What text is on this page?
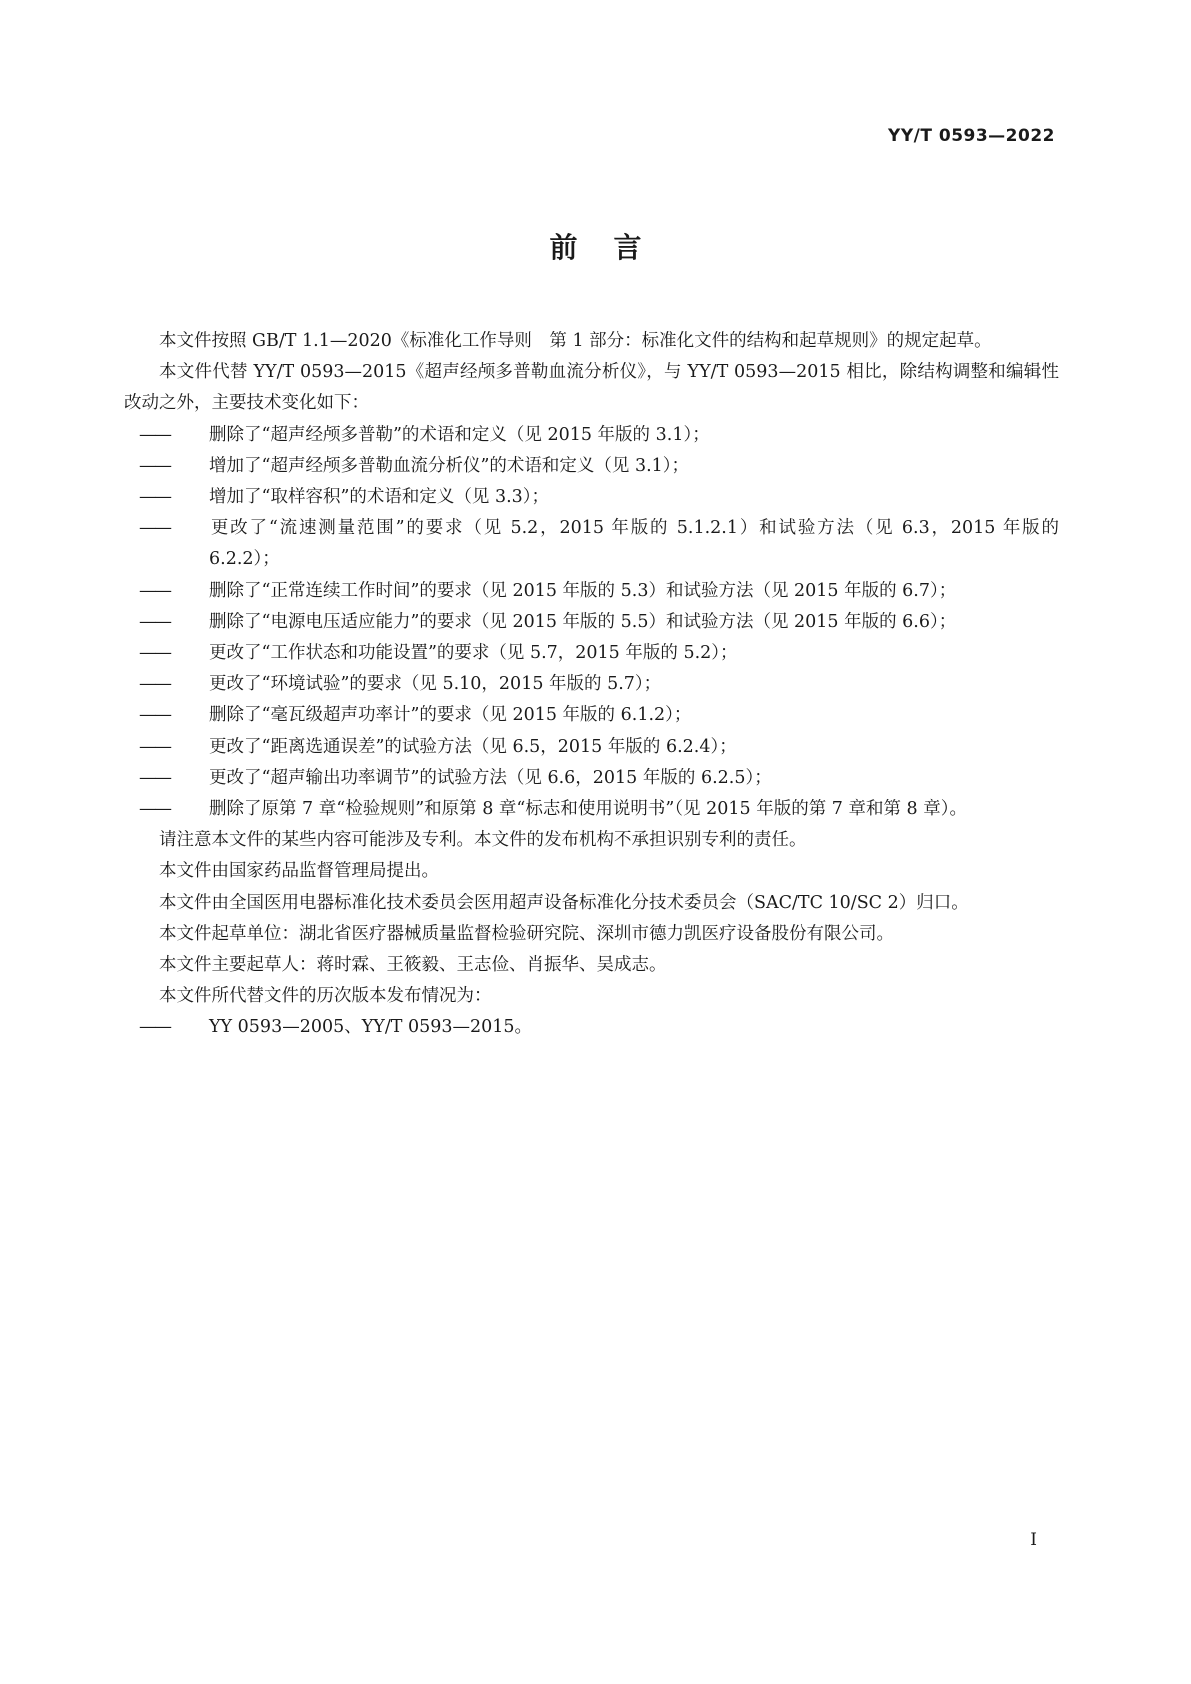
YY/T 0593—2022
前言

本文件按照 GB/T 1.1—2020《标准化工作导则　第 1 部分：标准化文件的结构和起草规则》的规定起草。

本文件代替 YY/T 0593—2015《超声经颅多普勒血流分析仪》，与 YY/T 0593—2015 相比，除结构调整和编辑性改动之外，主要技术变化如下：

—— 删除了“超声经颅多普勒”的术语和定义（见 2015 年版的 3.1）；

—— 增加了“超声经颅多普勒血流分析仪”的术语和定义（见 3.1）；

—— 增加了“取样容积”的术语和定义（见 3.3）；

—— 更改了“流速测量范围”的要求（见 5.2，2015 年版的 5.1.2.1）和试验方法（见 6.3，2015 年版的 6.2.2）；

—— 删除了“正常连续工作时间”的要求（见 2015 年版的 5.3）和试验方法（见 2015 年版的 6.7）；

—— 删除了“电源电压适应能力”的要求（见 2015 年版的 5.5）和试验方法（见 2015 年版的 6.6）；

—— 更改了“工作状态和功能设置”的要求（见 5.7，2015 年版的 5.2）；

—— 更改了“环境试验”的要求（见 5.10，2015 年版的 5.7）；

—— 删除了“毫瓦级超声功率计”的要求（见 2015 年版的 6.1.2）；

—— 更改了“距离选通误差”的试验方法（见 6.5，2015 年版的 6.2.4）；

—— 更改了“超声输出功率调节”的试验方法（见 6.6，2015 年版的 6.2.5）；

—— 删除了原第 7 章“检验规则”和原第 8 章“标志和使用说明书”（见 2015 年版的第 7 章和第 8 章）。

请注意本文件的某些内容可能涉及专利。本文件的发布机构不承担识别专利的责任。

本文件由国家药品监督管理局提出。

本文件由全国医用电器标准化技术委员会医用超声设备标准化分技术委员会（SAC/TC 10/SC 2）归口。

本文件起草单位：湖北省医疗器械质量监督检验研究院、深圳市德力凯医疗设备股份有限公司。

本文件主要起草人：蒋时霖、王筱毅、王志俭、肖振华、吴成志。

本文件所代替文件的历次版本发布情况为：

—— YY 0593—2005、YY/T 0593—2015。

I
